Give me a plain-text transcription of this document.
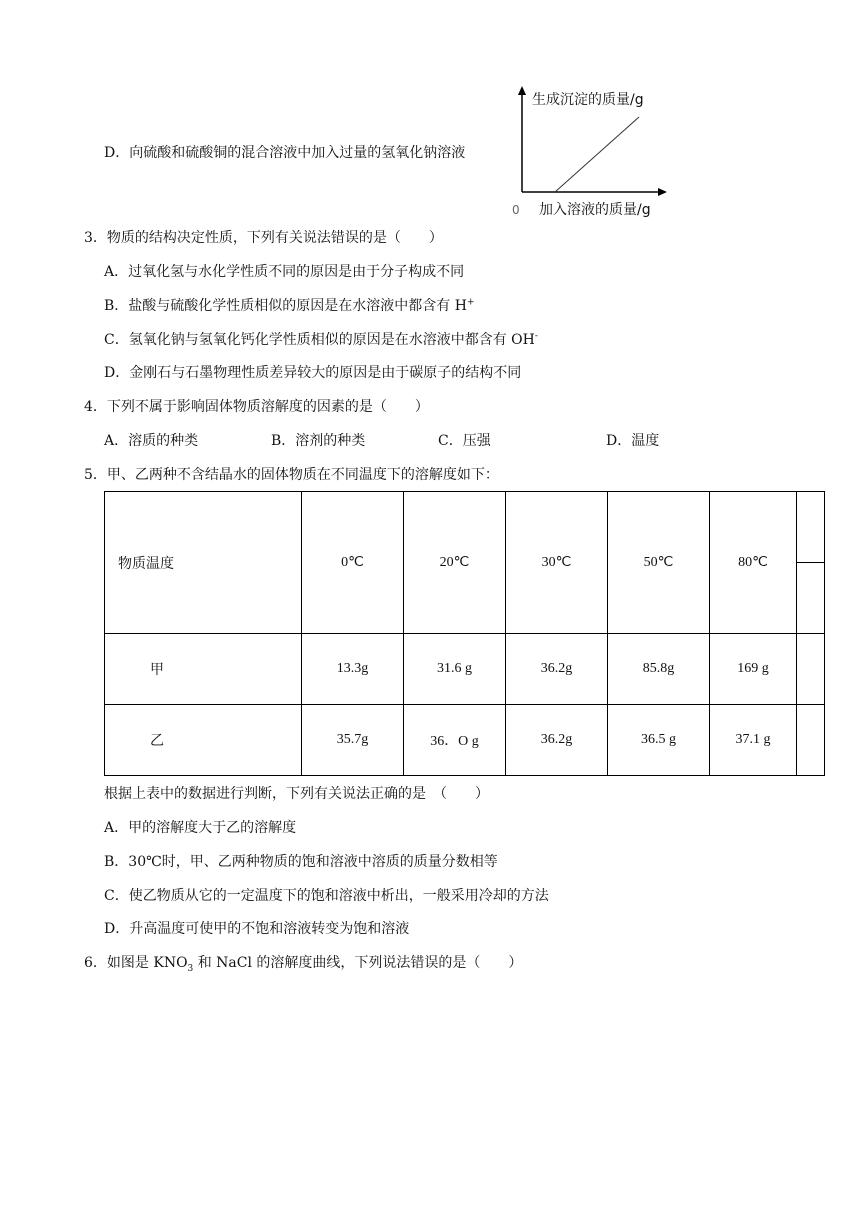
D．向硫酸和硫酸铜的混合溶液中加入过量的氢氧化钠溶液
生成沉淀的质量/g
0 加入溶液的质量/g
3．物质的结构决定性质，下列有关说法错误的是（　　）
A．过氧化氢与水化学性质不同的原因是由于分子构成不同
B．盐酸与硫酸化学性质相似的原因是在水溶液中都含有 H+
C．氢氧化钠与氢氧化钙化学性质相似的原因是在水溶液中都含有 OH-
D．金刚石与石墨物理性质差异较大的原因是由于碳原子的结构不同
4．下列不属于影响固体物质溶解度的因素的是（　　）
A．溶质的种类	B．溶剂的种类	C．压强	D．温度
5．甲、乙两种不含结晶水的固体物质在不同温度下的溶解度如下：
物质温度	0℃	20℃	30℃	50℃	80℃	

甲	13.3g	31.6 g	36.2g	85.8g	169 g	
乙	35.7g	36．O g	36.2g	36.5 g	37.1 g	
根据上表中的数据进行判断，下列有关说法正确的是　（　　）
A．甲的溶解度大于乙的溶解度
B．30℃时，甲、乙两种物质的饱和溶液中溶质的质量分数相等
C．使乙物质从它的一定温度下的饱和溶液中析出，一般采用冷却的方法
D．升高温度可使甲的不饱和溶液转变为饱和溶液
6．如图是 $KNO_3$ 和 NaCl 的溶解度曲线，下列说法错误的是（　　）
